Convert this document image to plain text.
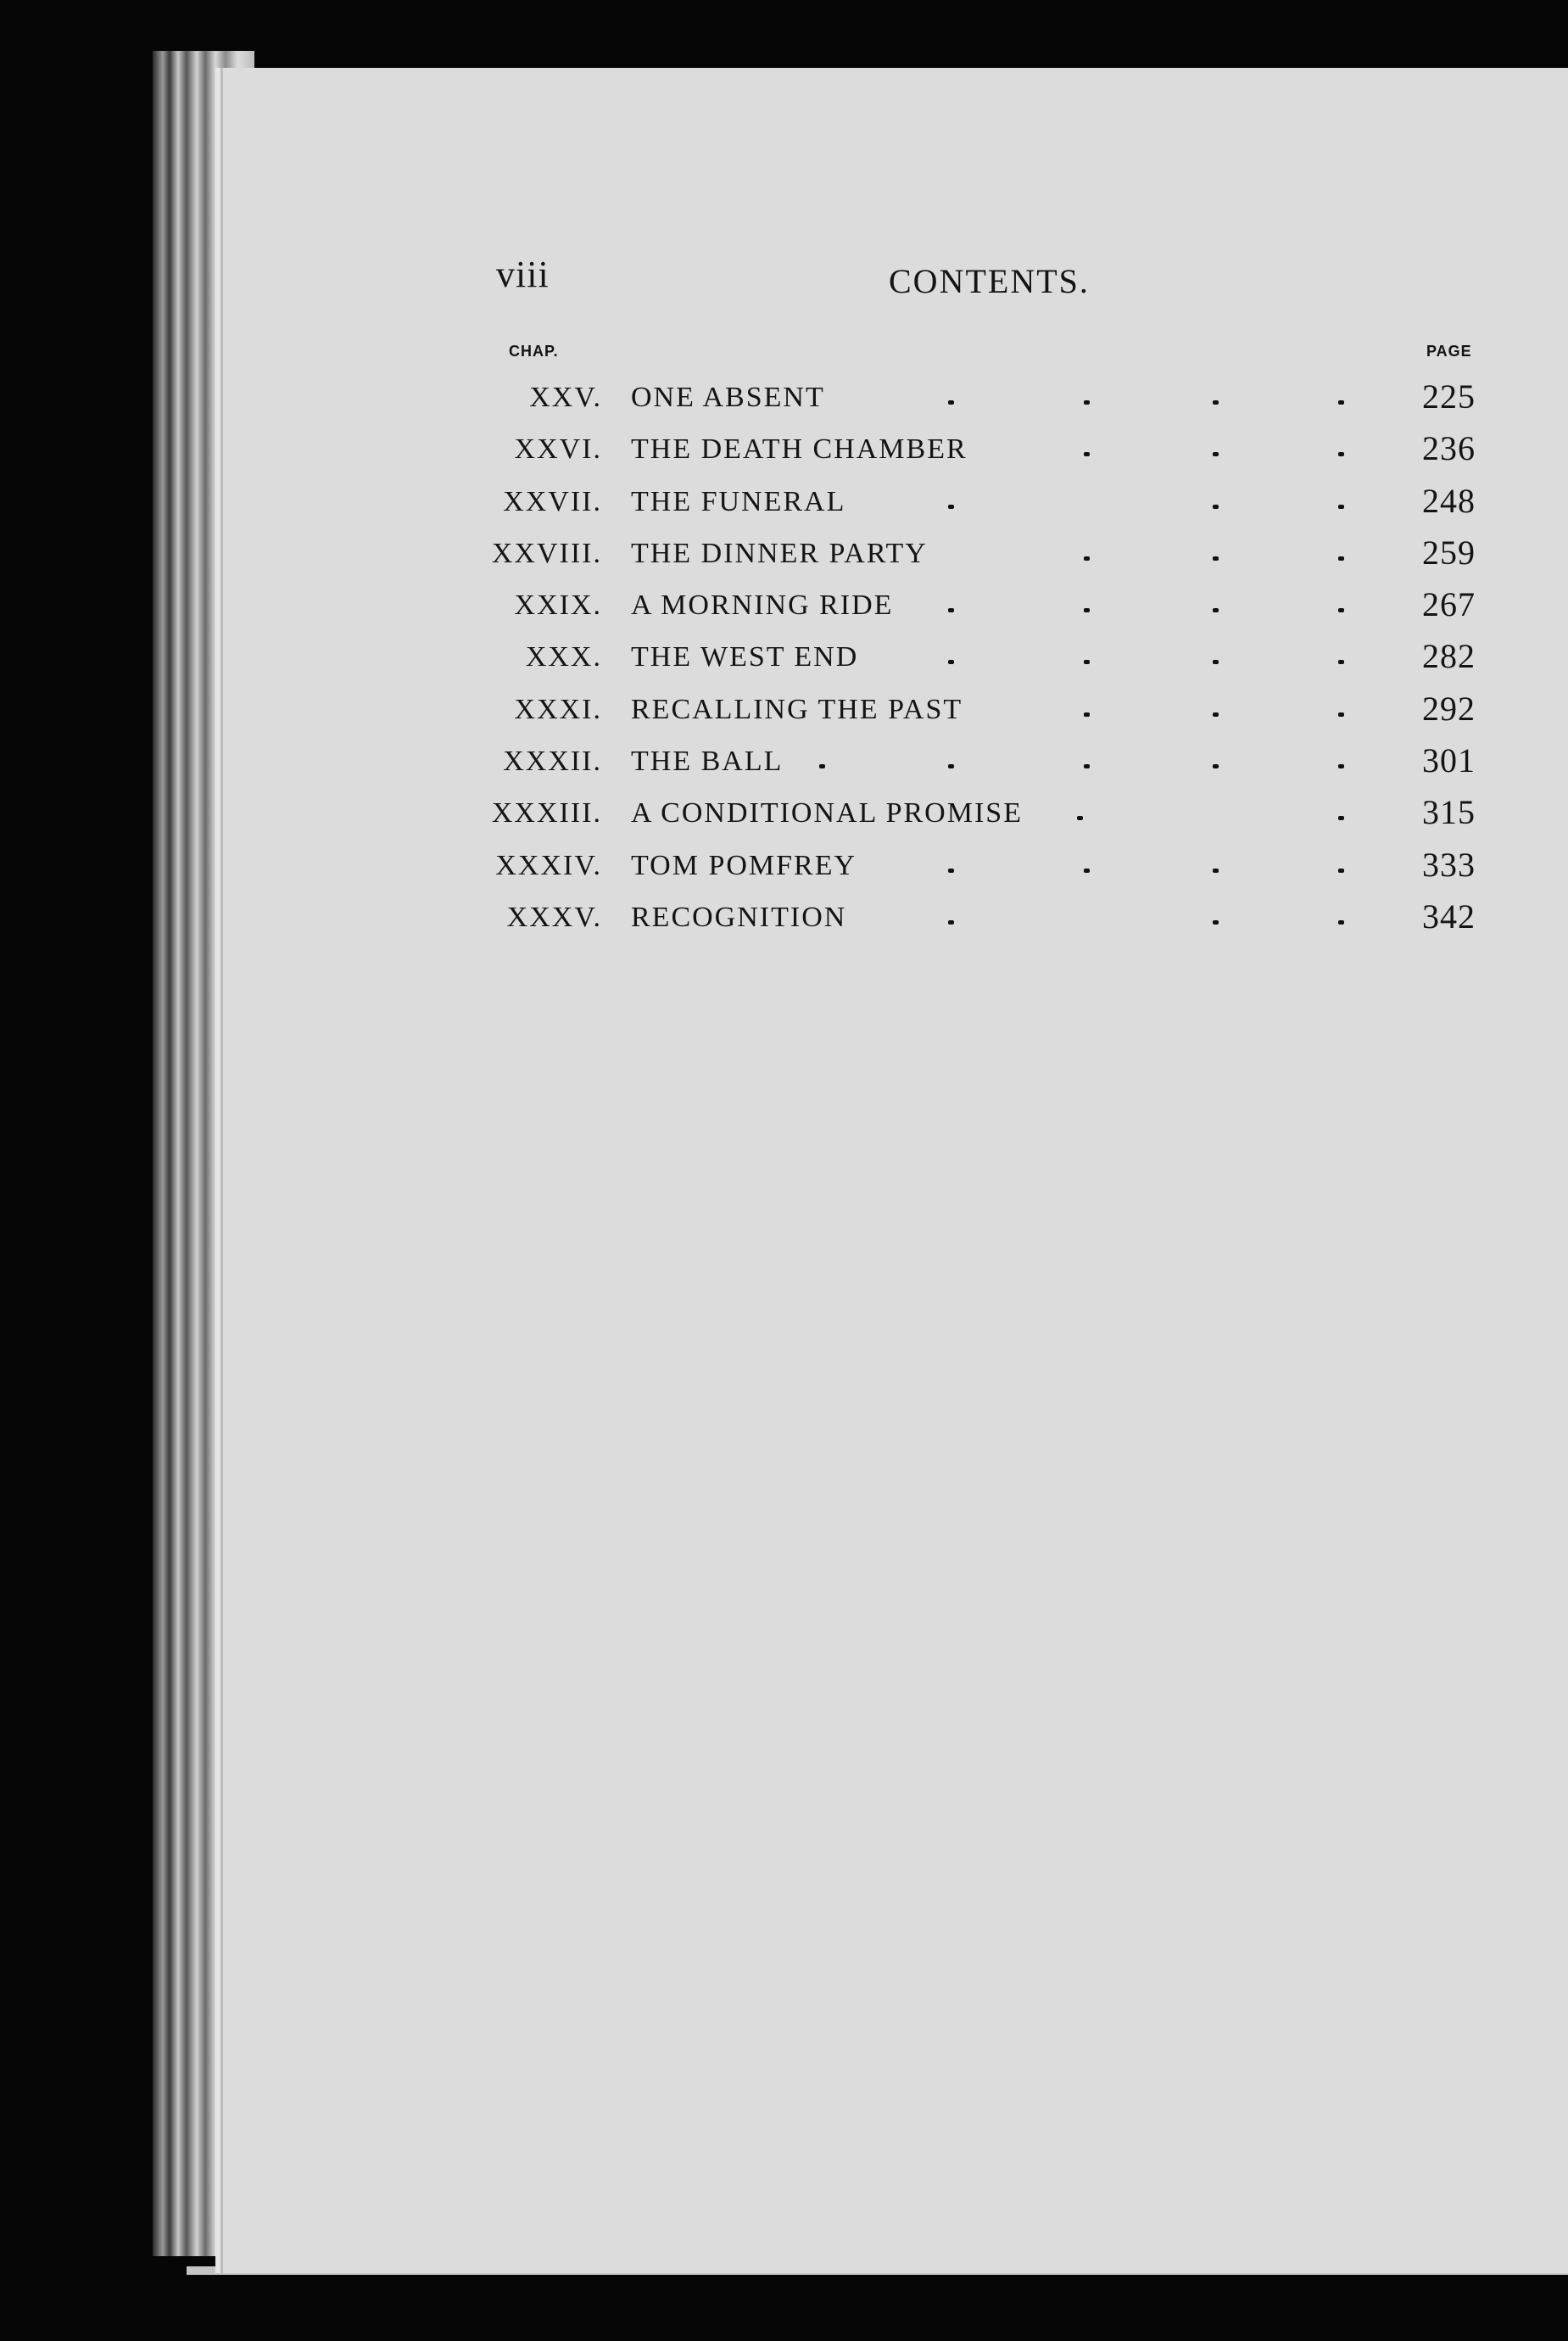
viii	CONTENTS.
CHAP.	PAGE
XXV. ONE ABSENT	225
XXVI. THE DEATH CHAMBER	236
XXVII. THE FUNERAL	248
XXVIII. THE DINNER PARTY	259
XXIX. A MORNING RIDE	267
XXX. THE WEST END	282
XXXI. RECALLING THE PAST	292
XXXII. THE BALL	301
XXXIII. A CONDITIONAL PROMISE	315
XXXIV. TOM POMFREY	333
XXXV. RECOGNITION	342
